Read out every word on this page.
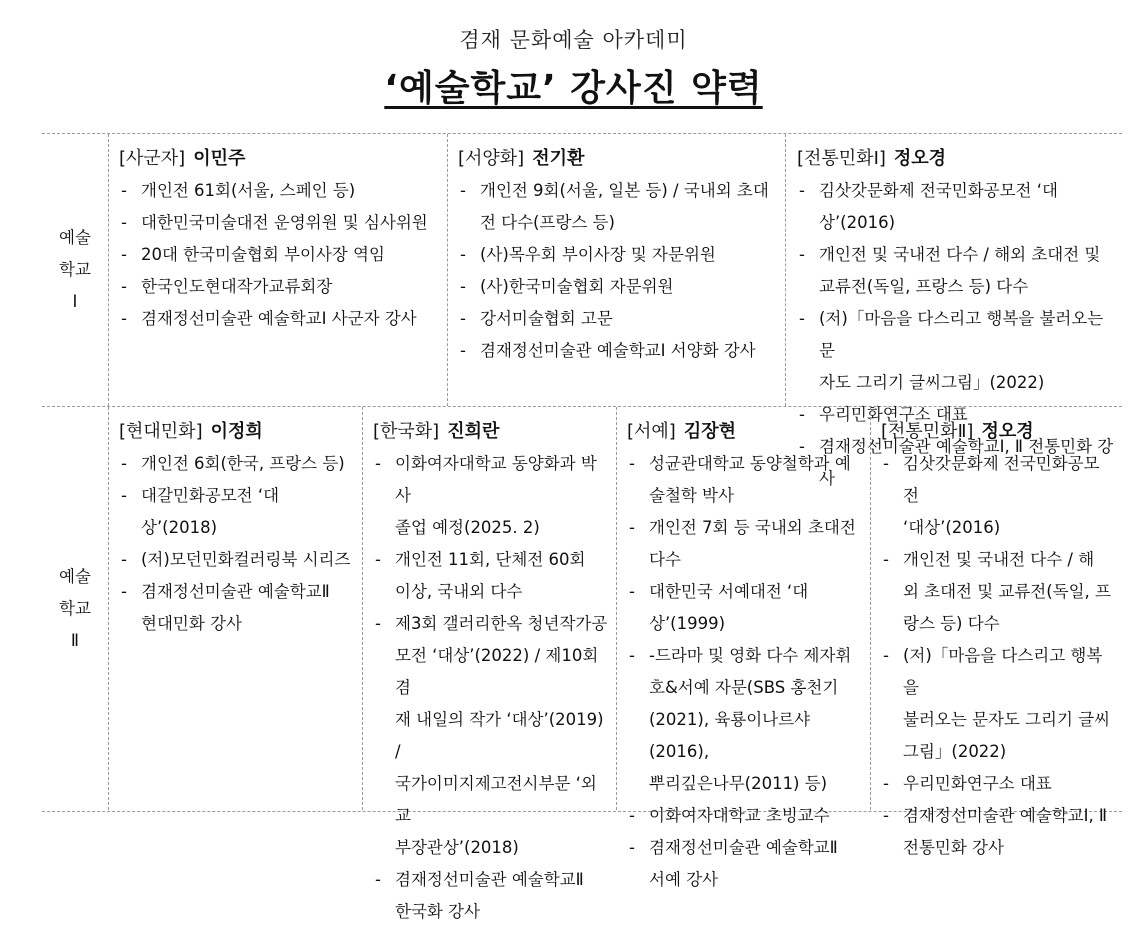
겸재 문화예술 아카데미
‘예술학교’ 강사진 약력
예술
학교
Ⅰ
[사군자] 이민주
- 개인전 61회(서울, 스페인 등)
- 대한민국미술대전 운영위원 및 심사위원
- 20대 한국미술협회 부이사장 역임
- 한국인도현대작가교류회장
- 겸재정선미술관 예술학교Ⅰ 사군자 강사
[서양화] 전기환
- 개인전 9회(서울, 일본 등) / 국내외 초대
전 다수(프랑스 등)
- (사)목우회 부이사장 및 자문위원
- (사)한국미술협회 자문위원
- 강서미술협회 고문
- 겸재정선미술관 예술학교Ⅰ 서양화 강사
[전통민화Ⅰ] 정오경
- 김삿갓문화제 전국민화공모전 ‘대상’(2016)
- 개인전 및 국내전 다수 / 해외 초대전 및
교류전(독일, 프랑스 등) 다수
- (저)「마음을 다스리고 행복을 불러오는 문
자도 그리기 글씨그림」(2022)
- 우리민화연구소 대표
- 겸재정선미술관 예술학교Ⅰ, Ⅱ 전통민화 강사
예술
학교
Ⅱ
[현대민화] 이정희
- 개인전 6회(한국, 프랑스 등)
- 대갈민화공모전 ‘대상’(2018)
- (저)모던민화컬러링북 시리즈
- 겸재정선미술관 예술학교Ⅱ
현대민화 강사
[한국화] 진희란
- 이화여자대학교 동양화과 박사
졸업 예정(2025. 2)
- 개인전 11회, 단체전 60회
이상, 국내외 다수
- 제3회 갤러리한옥 청년작가공
모전 ‘대상’(2022) / 제10회 겸
재 내일의 작가 ‘대상’(2019) /
국가이미지제고전시부문 ‘외교
부장관상’(2018)
- 겸재정선미술관 예술학교Ⅱ
한국화 강사
[서예] 김장현
- 성균관대학교 동양철학과 예
술철학 박사
- 개인전 7회 등 국내외 초대전 다수
- 대한민국 서예대전 ‘대상’(1999)
- -드라마 및 영화 다수 제자휘
호&서예 자문(SBS 홍천기
(2021), 육룡이나르샤(2016),
뿌리깊은나무(2011) 등)
- 이화여자대학교 초빙교수
- 겸재정선미술관 예술학교Ⅱ
서예 강사
[전통민화Ⅱ] 정오경
- 김삿갓문화제 전국민화공모전
‘대상’(2016)
- 개인전 및 국내전 다수 / 해
외 초대전 및 교류전(독일, 프
랑스 등) 다수
- (저)「마음을 다스리고 행복을
불러오는 문자도 그리기 글씨
그림」(2022)
- 우리민화연구소 대표
- 겸재정선미술관 예술학교Ⅰ, Ⅱ
전통민화 강사
